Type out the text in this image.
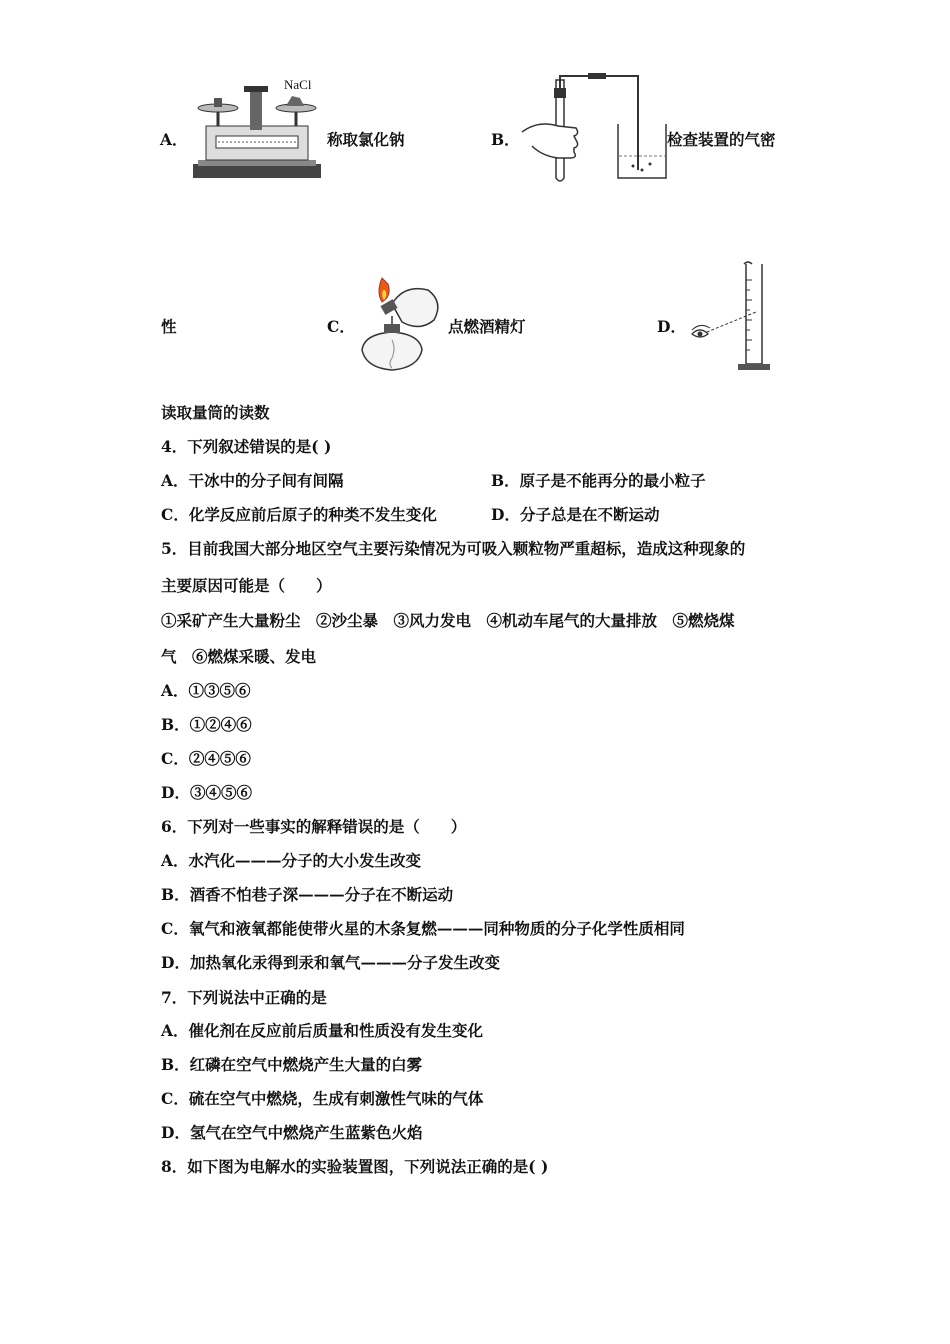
A．
NaCl
称取氯化钠	B．	检查装置的气密
性	C．	点燃酒精灯	D．
读取量筒的读数
4．下列叙述错误的是( )
A．干冰中的分子间有间隔	B．原子是不能再分的最小粒子
C．化学反应前后原子的种类不发生变化	D．分子总是在不断运动
5．目前我国大部分地区空气主要污染情况为可吸入颗粒物严重超标，造成这种现象的
主要原因可能是（　　）
①采矿产生大量粉尘　②沙尘暴　③风力发电　④机动车尾气的大量排放　⑤燃烧煤
气　⑥燃煤采暖、发电
A．①③⑤⑥
B．①②④⑥
C．②④⑤⑥
D．③④⑤⑥
6．下列对一些事实的解释错误的是（　　）
A．水汽化———分子的大小发生改变
B．酒香不怕巷子深———分子在不断运动
C．氧气和液氧都能使带火星的木条复燃———同种物质的分子化学性质相同
D．加热氧化汞得到汞和氧气———分子发生改变
7．下列说法中正确的是
A．催化剂在反应前后质量和性质没有发生变化
B．红磷在空气中燃烧产生大量的白雾
C．硫在空气中燃烧，生成有刺激性气味的气体
D．氢气在空气中燃烧产生蓝紫色火焰
8．如下图为电解水的实验装置图，下列说法正确的是( )
